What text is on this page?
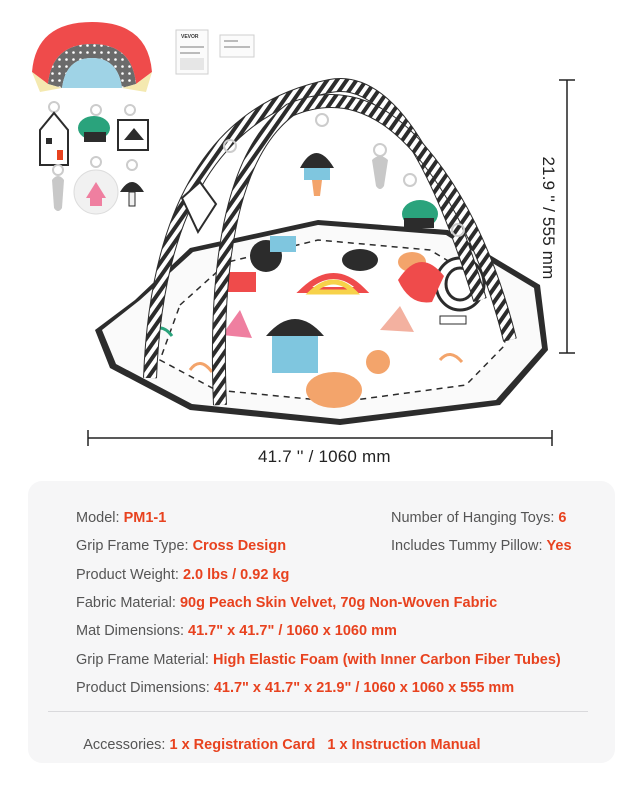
VEVOR
41.7 '' / 1060 mm
21.9 '' / 555 mm
Model: PM1-1	Number of Hanging Toys: 6
Grip Frame Type: Cross Design	Includes Tummy Pillow: Yes
Product Weight: 2.0 lbs / 0.92 kg
Fabric Material: 90g Peach Skin Velvet, 70g Non-Woven Fabric
Mat Dimensions: 41.7" x 41.7" / 1060 x 1060 mm
Grip Frame Material: High Elastic Foam (with Inner Carbon Fiber Tubes)
Product Dimensions: 41.7" x 41.7" x 21.9" / 1060 x 1060 x 555 mm

Accessories: 1 x Registration Card   1 x Instruction Manual
